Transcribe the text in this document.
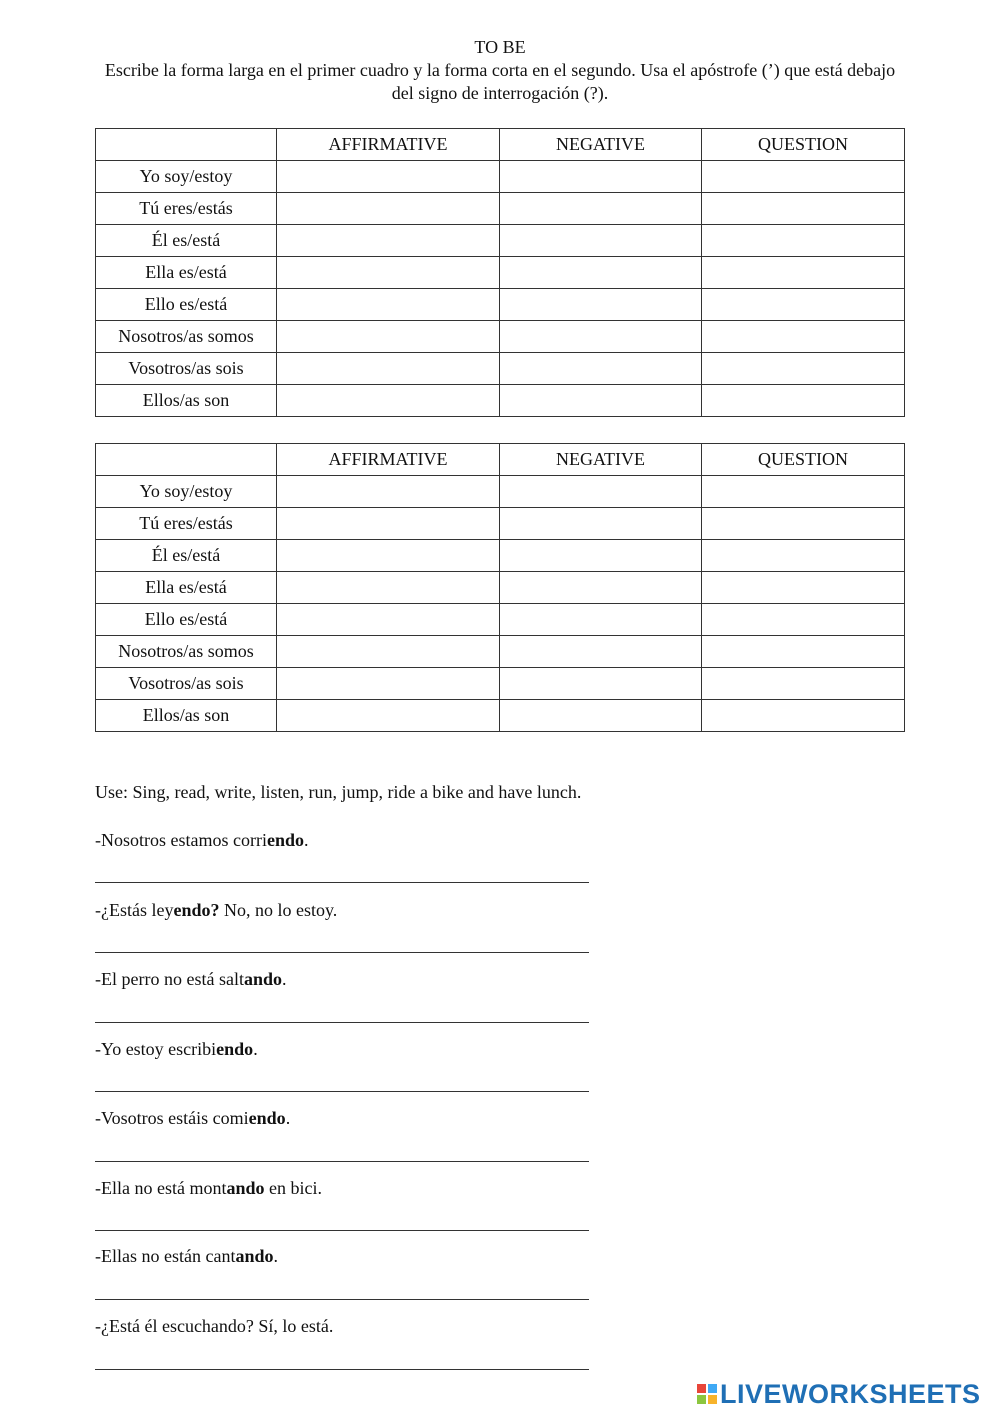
TO BE
Escribe la forma larga en el primer cuadro y la forma corta en el segundo. Usa el apóstrofe (’) que está debajo del signo de interrogación (?).
	AFFIRMATIVE	NEGATIVE	QUESTION
Yo soy/estoy			
Tú eres/estás			
Él es/está			
Ella es/está			
Ello es/está			
Nosotros/as somos			
Vosotros/as sois			
Ellos/as son			
	AFFIRMATIVE	NEGATIVE	QUESTION
Yo soy/estoy			
Tú eres/estás			
Él es/está			
Ella es/está			
Ello es/está			
Nosotros/as somos			
Vosotros/as sois			
Ellos/as son			
Use: Sing, read, write, listen, run, jump, ride a bike and have lunch.
-Nosotros estamos corriendo.
-¿Estás leyendo? No, no lo estoy.
-El perro no está saltando.
-Yo estoy escribiendo.
-Vosotros estáis comiendo.
-Ella no está montando en bici.
-Ellas no están cantando.
-¿Está él escuchando? Sí, lo está.
LIVEWORKSHEETS
